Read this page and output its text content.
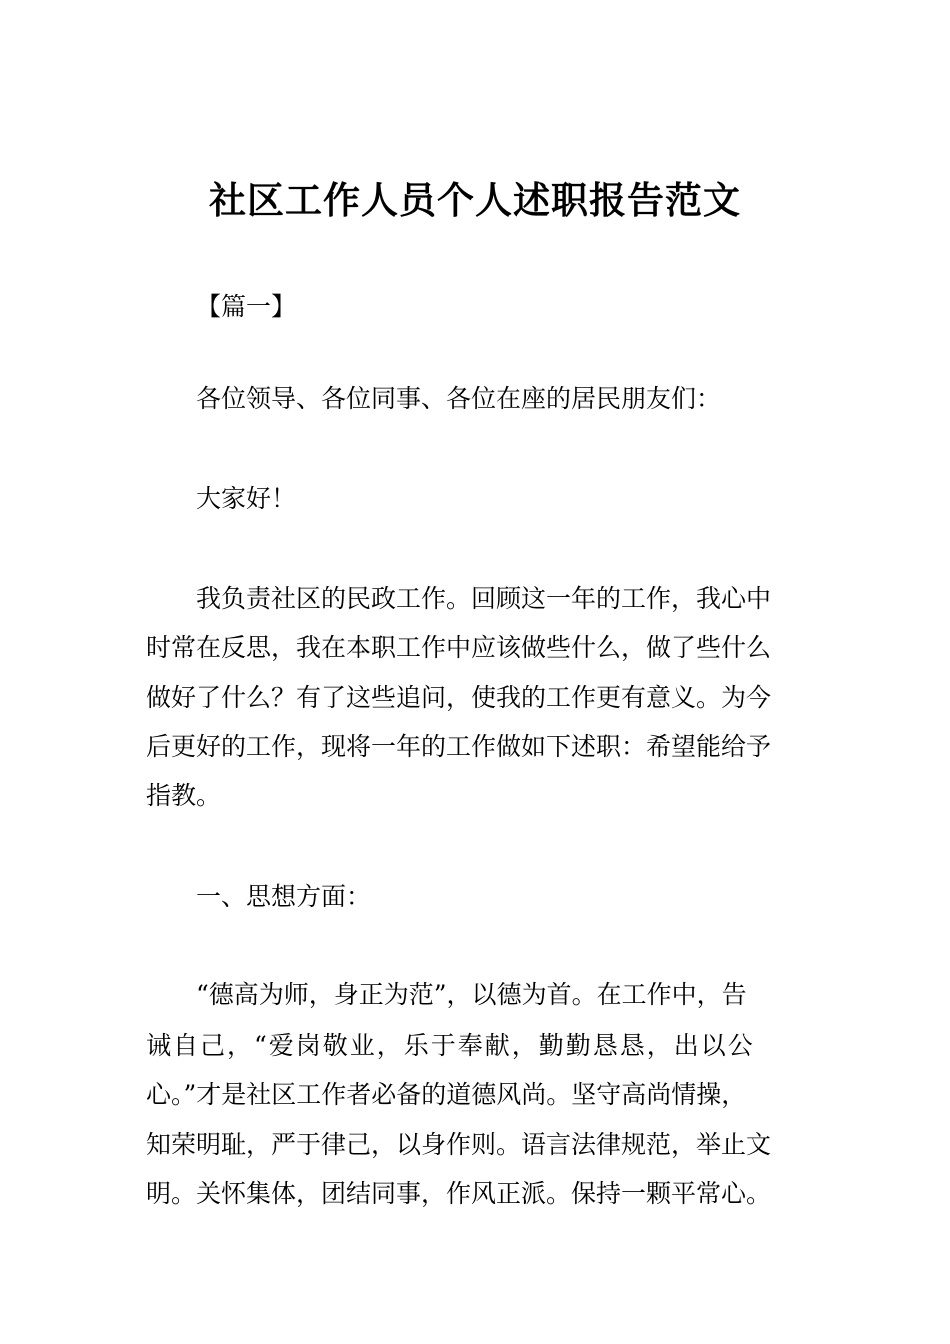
社区工作人员个人述职报告范文

【篇一】

各位领导、各位同事、各位在座的居民朋友们：

大家好！

我负责社区的民政工作。回顾这一年的工作，我心中

时常在反思，我在本职工作中应该做些什么，做了些什么

做好了什么？有了这些追问，使我的工作更有意义。为今

后更好的工作，现将一年的工作做如下述职：希望能给予

指教。

一、思想方面：

“德高为师，身正为范”，以德为首。在工作中，告

诫自己，“爱岗敬业，乐于奉献，勤勤恳恳，出以公

心。”才是社区工作者必备的道德风尚。坚守高尚情操，

知荣明耻，严于律己，以身作则。语言法律规范，举止文

明。关怀集体，团结同事，作风正派。保持一颗平常心。
